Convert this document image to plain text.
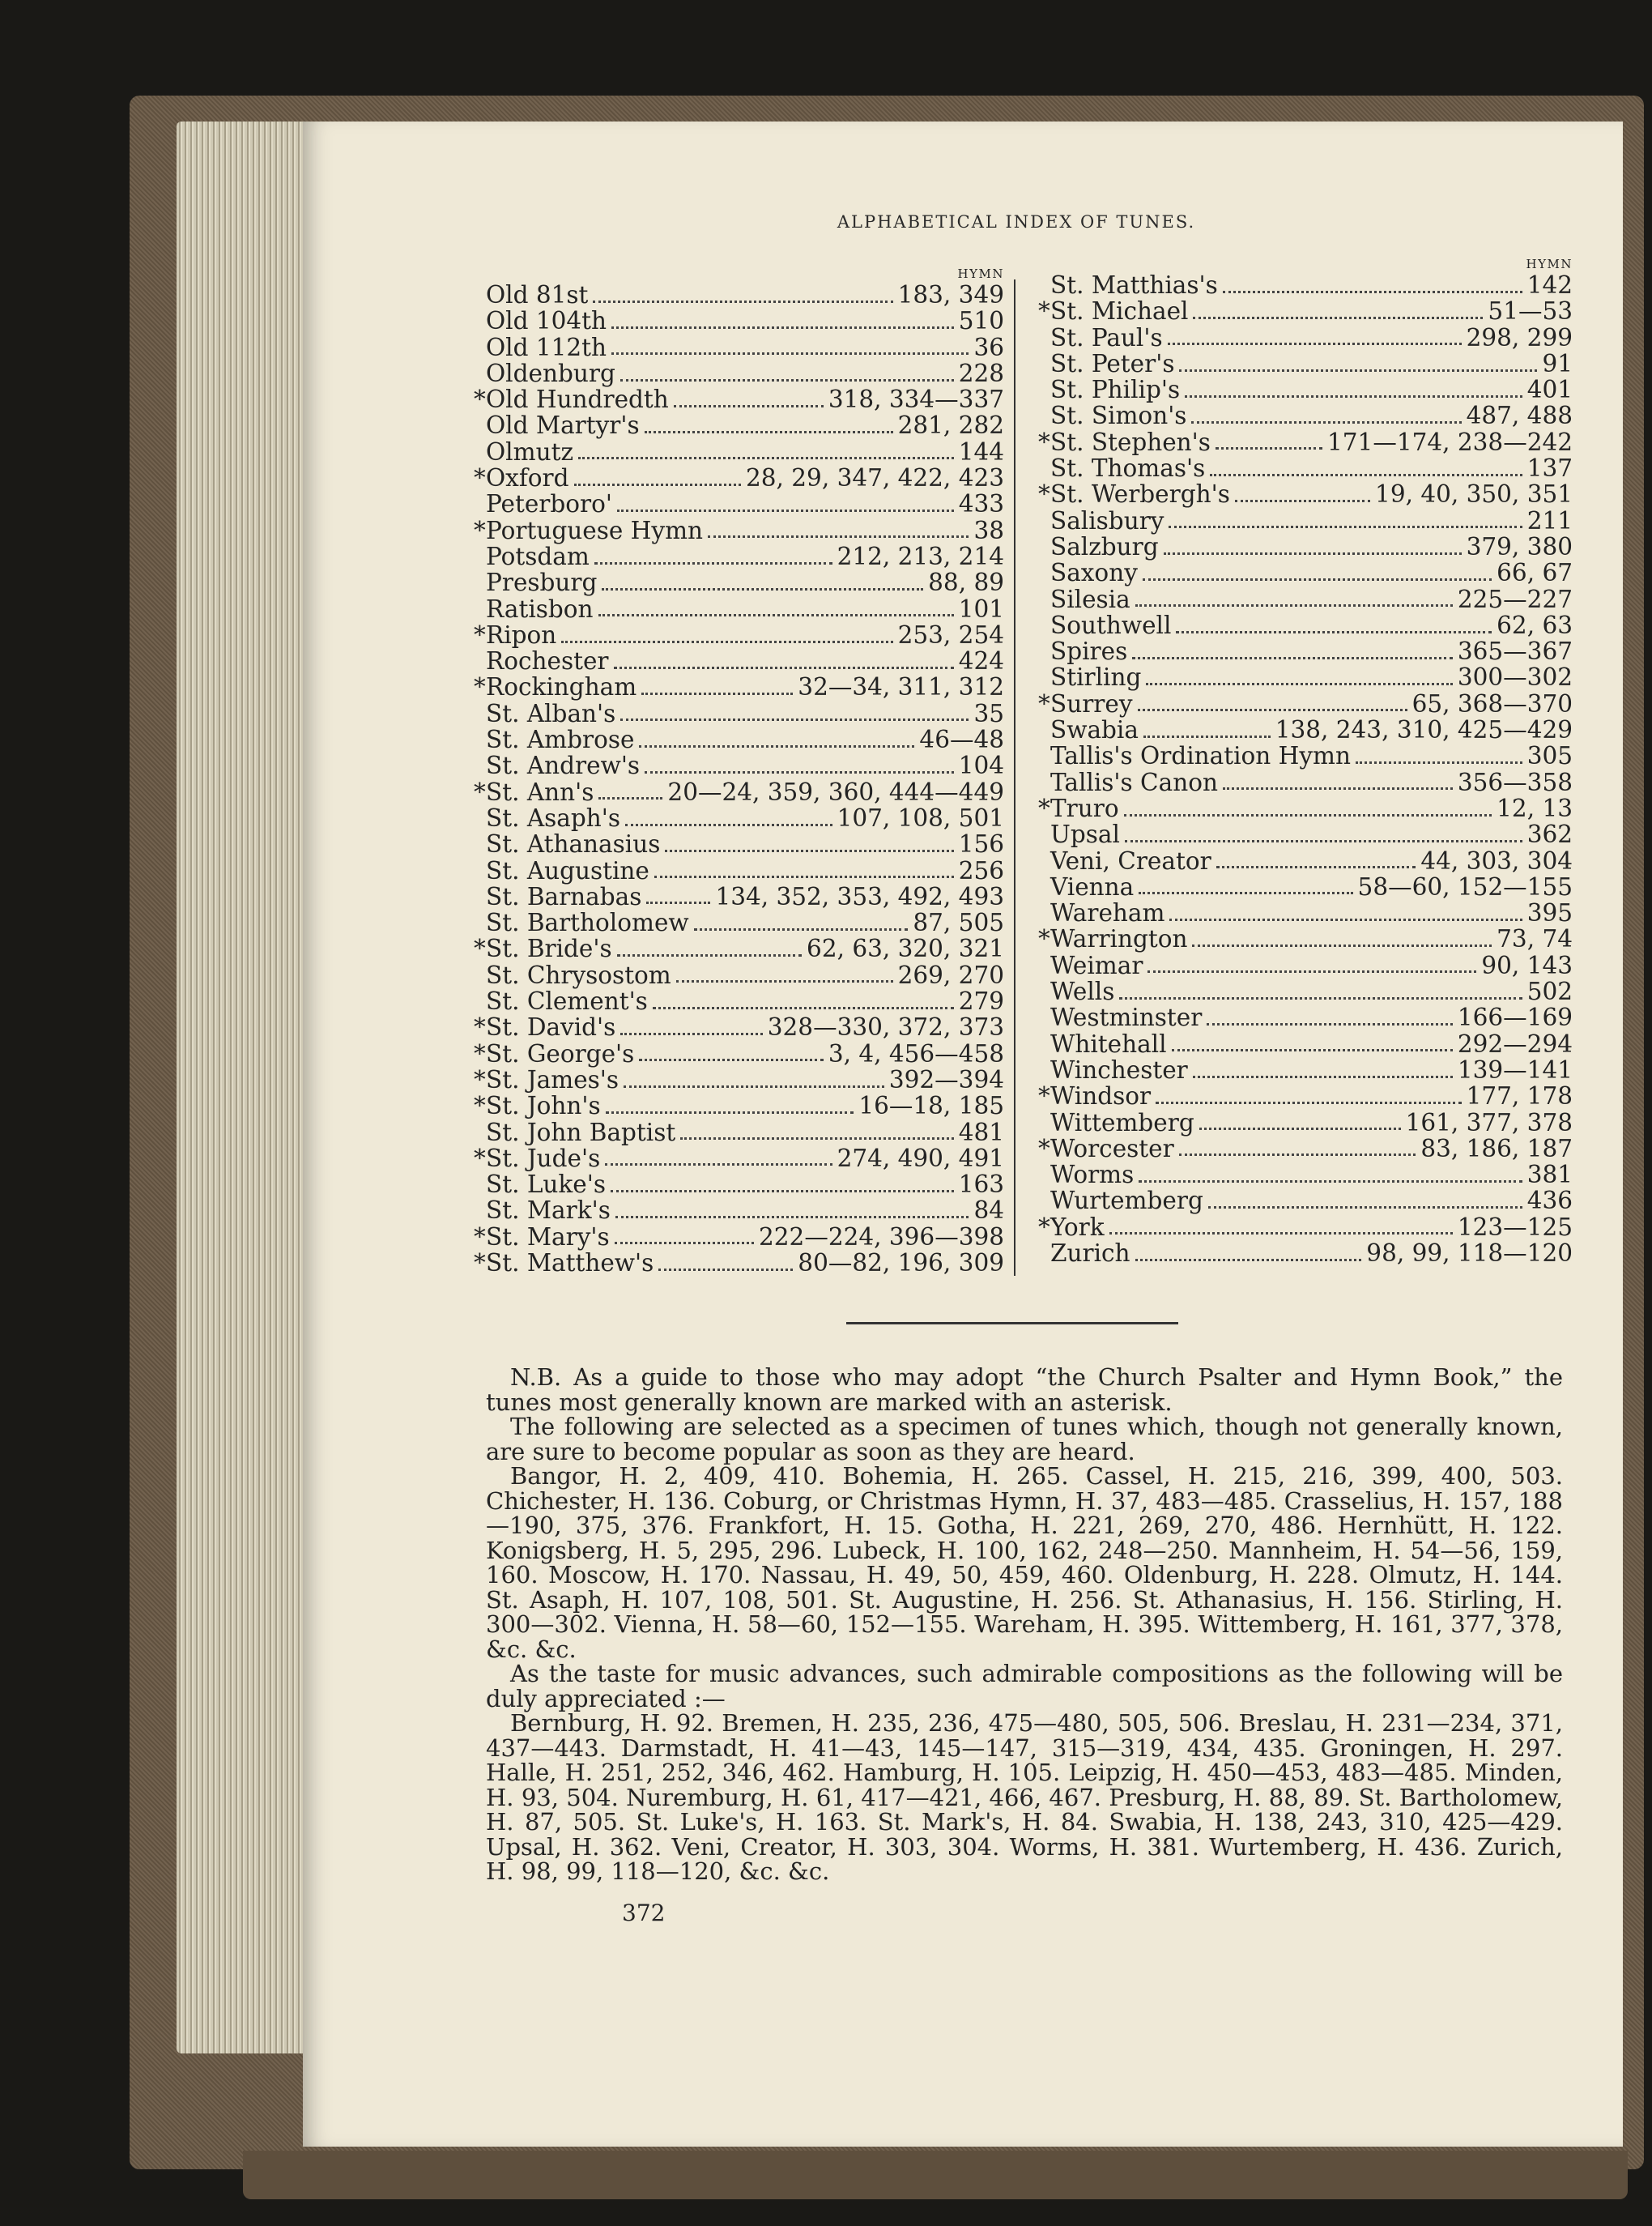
ALPHABETICAL INDEX OF TUNES.
HYMN
Old 81st	183, 349
Old 104th	510
Old 112th	36
Oldenburg	228
* Old Hundredth	318, 334—337
Old Martyr's	281, 282
Olmutz	144
* Oxford	28, 29, 347, 422, 423
Peterboro'	433
* Portuguese Hymn	38
Potsdam	212, 213, 214
Presburg	88, 89
Ratisbon	101
* Ripon	253, 254
Rochester	424
* Rockingham	32—34, 311, 312
St. Alban's	35
St. Ambrose	46—48
St. Andrew's	104
* St. Ann's	20—24, 359, 360, 444—449
St. Asaph's	107, 108, 501
St. Athanasius	156
St. Augustine	256
St. Barnabas	134, 352, 353, 492, 493
St. Bartholomew	87, 505
* St. Bride's	62, 63, 320, 321
St. Chrysostom	269, 270
St. Clement's	279
* St. David's	328—330, 372, 373
* St. George's	3, 4, 456—458
* St. James's	392—394
* St. John's	16—18, 185
St. John Baptist	481
* St. Jude's	274, 490, 491
St. Luke's	163
St. Mark's	84
* St. Mary's	222—224, 396—398
* St. Matthew's	80—82, 196, 309
HYMN
St. Matthias's	142
* St. Michael	51—53
St. Paul's	298, 299
St. Peter's	91
St. Philip's	401
St. Simon's	487, 488
* St. Stephen's	171—174, 238—242
St. Thomas's	137
* St. Werbergh's	19, 40, 350, 351
Salisbury	211
Salzburg	379, 380
Saxony	66, 67
Silesia	225—227
Southwell	62, 63
Spires	365—367
Stirling	300—302
* Surrey	65, 368—370
Swabia	138, 243, 310, 425—429
Tallis's Ordination Hymn	305
Tallis's Canon	356—358
* Truro	12, 13
Upsal	362
Veni, Creator	44, 303, 304
Vienna	58—60, 152—155
Wareham	395
* Warrington	73, 74
Weimar	90, 143
Wells	502
Westminster	166—169
Whitehall	292—294
Winchester	139—141
* Windsor	177, 178
Wittemberg	161, 377, 378
* Worcester	83, 186, 187
Worms	381
Wurtemberg	436
* York	123—125
Zurich	98, 99, 118—120

N.B. As a guide to those who may adopt “the Church Psalter and Hymn Book,” the tunes most generally known are marked with an asterisk.

The following are selected as a specimen of tunes which, though not generally known, are sure to become popular as soon as they are heard.

Bangor, H. 2, 409, 410. Bohemia, H. 265. Cassel, H. 215, 216, 399, 400, 503. Chichester, H. 136. Coburg, or Christmas Hymn, H. 37, 483—485. Crasselius, H. 157, 188—190, 375, 376. Frankfort, H. 15. Gotha, H. 221, 269, 270, 486. Hernhütt, H. 122. Konigsberg, H. 5, 295, 296. Lubeck, H. 100, 162, 248—250. Mannheim, H. 54—56, 159, 160. Moscow, H. 170. Nassau, H. 49, 50, 459, 460. Oldenburg, H. 228. Olmutz, H. 144. St. Asaph, H. 107, 108, 501. St. Augustine, H. 256. St. Athanasius, H. 156. Stirling, H. 300—302. Vienna, H. 58—60, 152—155. Wareham, H. 395. Wittemberg, H. 161, 377, 378, &c. &c.

As the taste for music advances, such admirable compositions as the following will be duly appreciated :—

Bernburg, H. 92. Bremen, H. 235, 236, 475—480, 505, 506. Breslau, H. 231—234, 371, 437—443. Darmstadt, H. 41—43, 145—147, 315—319, 434, 435. Groningen, H. 297. Halle, H. 251, 252, 346, 462. Hamburg, H. 105. Leipzig, H. 450—453, 483—485. Minden, H. 93, 504. Nuremburg, H. 61, 417—421, 466, 467. Presburg, H. 88, 89. St. Bartholomew, H. 87, 505. St. Luke's, H. 163. St. Mark's, H. 84. Swabia, H. 138, 243, 310, 425—429. Upsal, H. 362. Veni, Creator, H. 303, 304. Worms, H. 381. Wurtemberg, H. 436. Zurich, H. 98, 99, 118—120, &c. &c.

372
